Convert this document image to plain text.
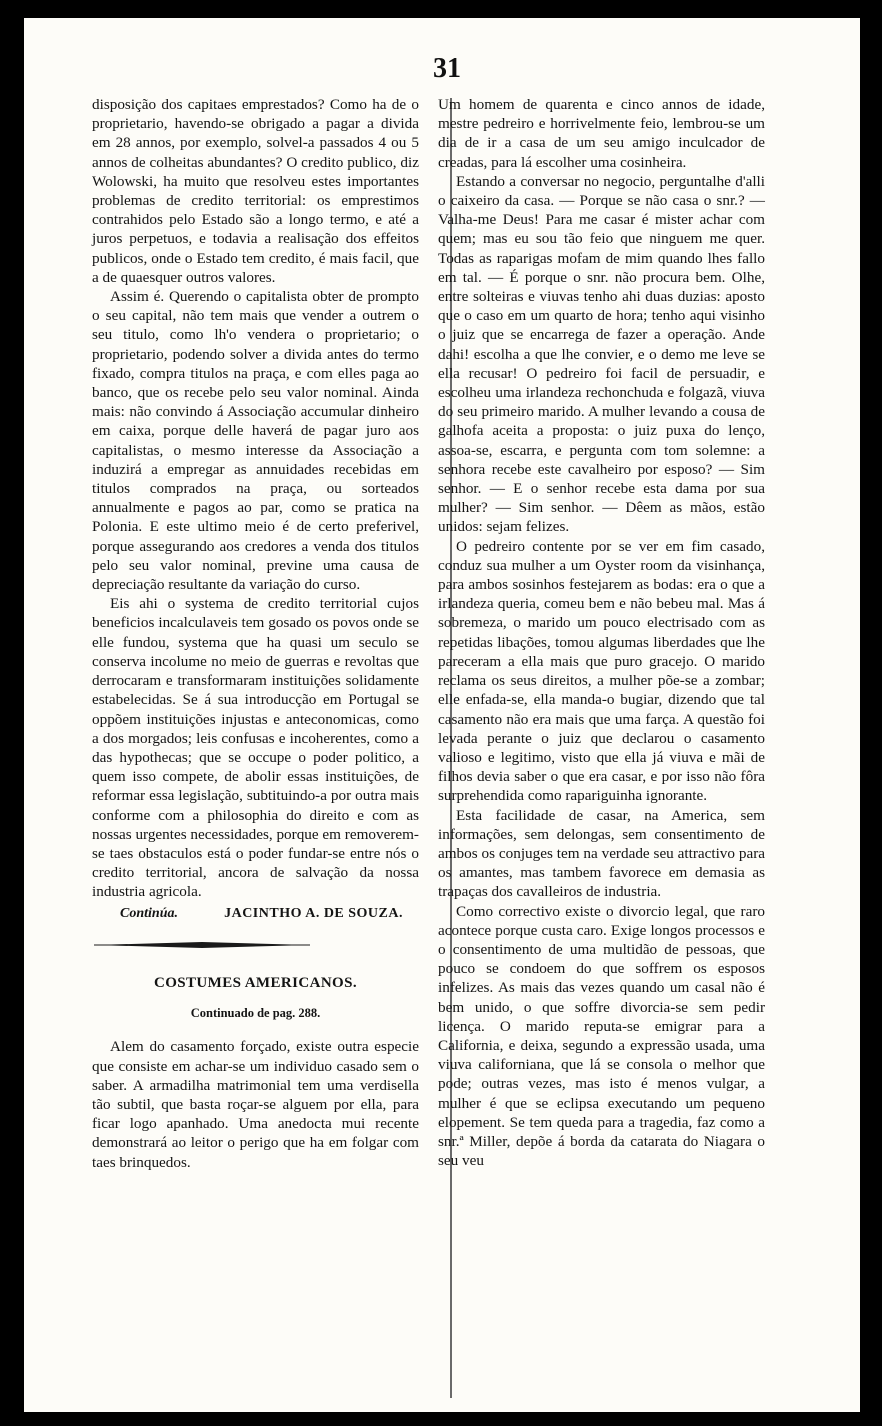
31

disposição dos capitaes emprestados? Como ha de o proprietario, havendo-se obrigado a pagar a divida em 28 annos, por exemplo, solvel-a passados 4 ou 5 annos de colheitas abundantes? O credito publico, diz Wolowski, ha muito que resolveu estes importantes problemas de credito territorial: os emprestimos contrahidos pelo Estado são a longo termo, e até a juros perpetuos, e todavia a realisação dos effeitos publicos, onde o Estado tem credito, é mais facil, que a de quaesquer outros valores.

Assim é. Querendo o capitalista obter de prompto o seu capital, não tem mais que vender a outrem o seu titulo, como lh'o vendera o proprietario; o proprietario, podendo solver a divida antes do termo fixado, compra titulos na praça, e com elles paga ao banco, que os recebe pelo seu valor nominal. Ainda mais: não convindo á Associação accumular dinheiro em caixa, porque delle haverá de pagar juro aos capitalistas, o mesmo interesse da Associação a induzirá a empregar as annuidades recebidas em titulos comprados na praça, ou sorteados annualmente e pagos ao par, como se pratica na Polonia. E este ultimo meio é de certo preferivel, porque assegurando aos credores a venda dos titulos pelo seu valor nominal, previne uma causa de depreciação resultante da variação do curso.

Eis ahi o systema de credito territorial cujos beneficios incalculaveis tem gosado os povos onde se elle fundou, systema que ha quasi um seculo se conserva incolume no meio de guerras e revoltas que derrocaram e transformaram instituições solidamente estabelecidas. Se á sua introducção em Portugal se oppõem instituições injustas e anteconomicas, como a dos morgados; leis confusas e incoherentes, como a das hypothecas; que se occupe o poder politico, a quem isso compete, de abolir essas instituições, de reformar essa legislação, subtituindo-a por outra mais conforme com a philosophia do direito e com as nossas urgentes necessidades, porque em removerem-se taes obstaculos está o poder fundar-se entre nós o credito territorial, ancora de salvação da nossa industria agricola.

Continúa.	JACINTHO A. DE SOUZA.
COSTUMES AMERICANOS.
Continuado de pag. 288.

Alem do casamento forçado, existe outra especie que consiste em achar-se um individuo casado sem o saber. A armadilha matrimonial tem uma verdisella tão subtil, que basta roçar-se alguem por ella, para ficar logo apanhado. Uma anedocta mui recente demonstrará ao leitor o perigo que ha em folgar com taes brinquedos.

Um homem de quarenta e cinco annos de idade, mestre pedreiro e horrivelmente feio, lembrou-se um dia de ir a casa de um seu amigo inculcador de creadas, para lá escolher uma cosinheira.

Estando a conversar no negocio, perguntalhe d'alli o caixeiro da casa. — Porque se não casa o snr.? — Valha-me Deus! Para me casar é mister achar com quem; mas eu sou tão feio que ninguem me quer. Todas as raparigas mofam de mim quando lhes fallo em tal. — É porque o snr. não procura bem. Olhe, entre solteiras e viuvas tenho ahi duas duzias: aposto que o caso em um quarto de hora; tenho aqui visinho o juiz que se encarrega de fazer a operação. Ande dahi! escolha a que lhe convier, e o demo me leve se ella recusar! O pedreiro foi facil de persuadir, e escolheu uma irlandeza rechonchuda e folgazã, viuva do seu primeiro marido. A mulher levando a cousa de galhofa aceita a proposta: o juiz puxa do lenço, assoa-se, escarra, e pergunta com tom solemne: a senhora recebe este cavalheiro por esposo? — Sim senhor. — E o senhor recebe esta dama por sua mulher? — Sim senhor. — Dêem as mãos, estão unidos: sejam felizes.

O pedreiro contente por se ver em fim casado, conduz sua mulher a um Oyster room da visinhança, para ambos sosinhos festejarem as bodas: era o que a irlandeza queria, comeu bem e não bebeu mal. Mas á sobremeza, o marido um pouco electrisado com as repetidas libações, tomou algumas liberdades que lhe pareceram a ella mais que puro gracejo. O marido reclama os seus direitos, a mulher põe-se a zombar; elle enfada-se, ella manda-o bugiar, dizendo que tal casamento não era mais que uma farça. A questão foi levada perante o juiz que declarou o casamento valioso e legitimo, visto que ella já viuva e mãi de filhos devia saber o que era casar, e por isso não fôra surprehendida como rapariguinha ignorante.

Esta facilidade de casar, na America, sem informações, sem delongas, sem consentimento de ambos os conjuges tem na verdade seu attractivo para os amantes, mas tambem favorece em demasia as trapaças dos cavalleiros de industria.

Como correctivo existe o divorcio legal, que raro acontece porque custa caro. Exige longos processos e o consentimento de uma multidão de pessoas, que pouco se condoem do que soffrem os esposos infelizes. As mais das vezes quando um casal não é bem unido, o que soffre divorcia-se sem pedir licença. O marido reputa-se emigrar para a California, e deixa, segundo a expressão usada, uma viuva californiana, que lá se consola o melhor que pode; outras vezes, mas isto é menos vulgar, a mulher é que se eclipsa executando um pequeno elopement. Se tem queda para a tragedia, faz como a snr.ª Miller, depõe á borda da catarata do Niagara o seu veu
